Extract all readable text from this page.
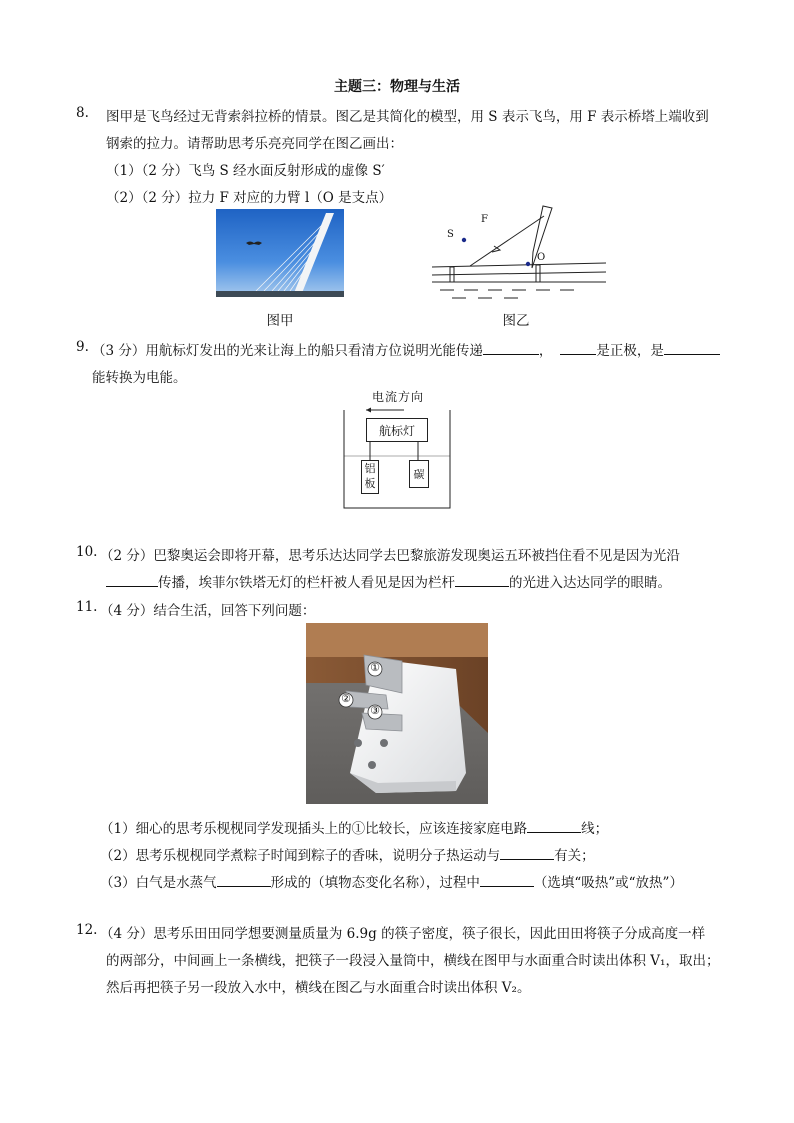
主题三：物理与生活
8. 图甲是飞鸟经过无背索斜拉桥的情景。图乙是其简化的模型，用 S 表示飞鸟，用 F 表示桥塔上端收到
钢索的拉力。请帮助思考乐亮亮同学在图乙画出：
（1）（2 分）飞鸟 S 经水面反射形成的虚像 S′
（2）（2 分）拉力 F 对应的力臂 l（O 是支点）
图甲
S
F
O
图乙
9. （3 分）用航标灯发出的光来让海上的船只看清方位说明光能传递	，	是正极，是
能转换为电能。
电流方向
航标灯
铝板
碳
10. （2 分）巴黎奥运会即将开幕，思考乐达达同学去巴黎旅游发现奥运五环被挡住看不见是因为光沿
传播，埃菲尔铁塔无灯的栏杆被人看见是因为栏杆	的光进入达达同学的眼睛。
11. （4 分）结合生活，回答下列问题：
①
②
③
（1）细心的思考乐枧枧同学发现插头上的①比较长，应该连接家庭电路	线；
（2）思考乐枧枧同学煮粽子时闻到粽子的香味，说明分子热运动与	有关；
（3）白气是水蒸气	形成的（填物态变化名称），过程中	（选填“吸热”或“放热”）
12. （4 分）思考乐田田同学想要测量质量为 6.9g 的筷子密度，筷子很长，因此田田将筷子分成高度一样
的两部分，中间画上一条横线，把筷子一段浸入量筒中，横线在图甲与水面重合时读出体积 V₁，取出；
然后再把筷子另一段放入水中，横线在图乙与水面重合时读出体积 V₂。
